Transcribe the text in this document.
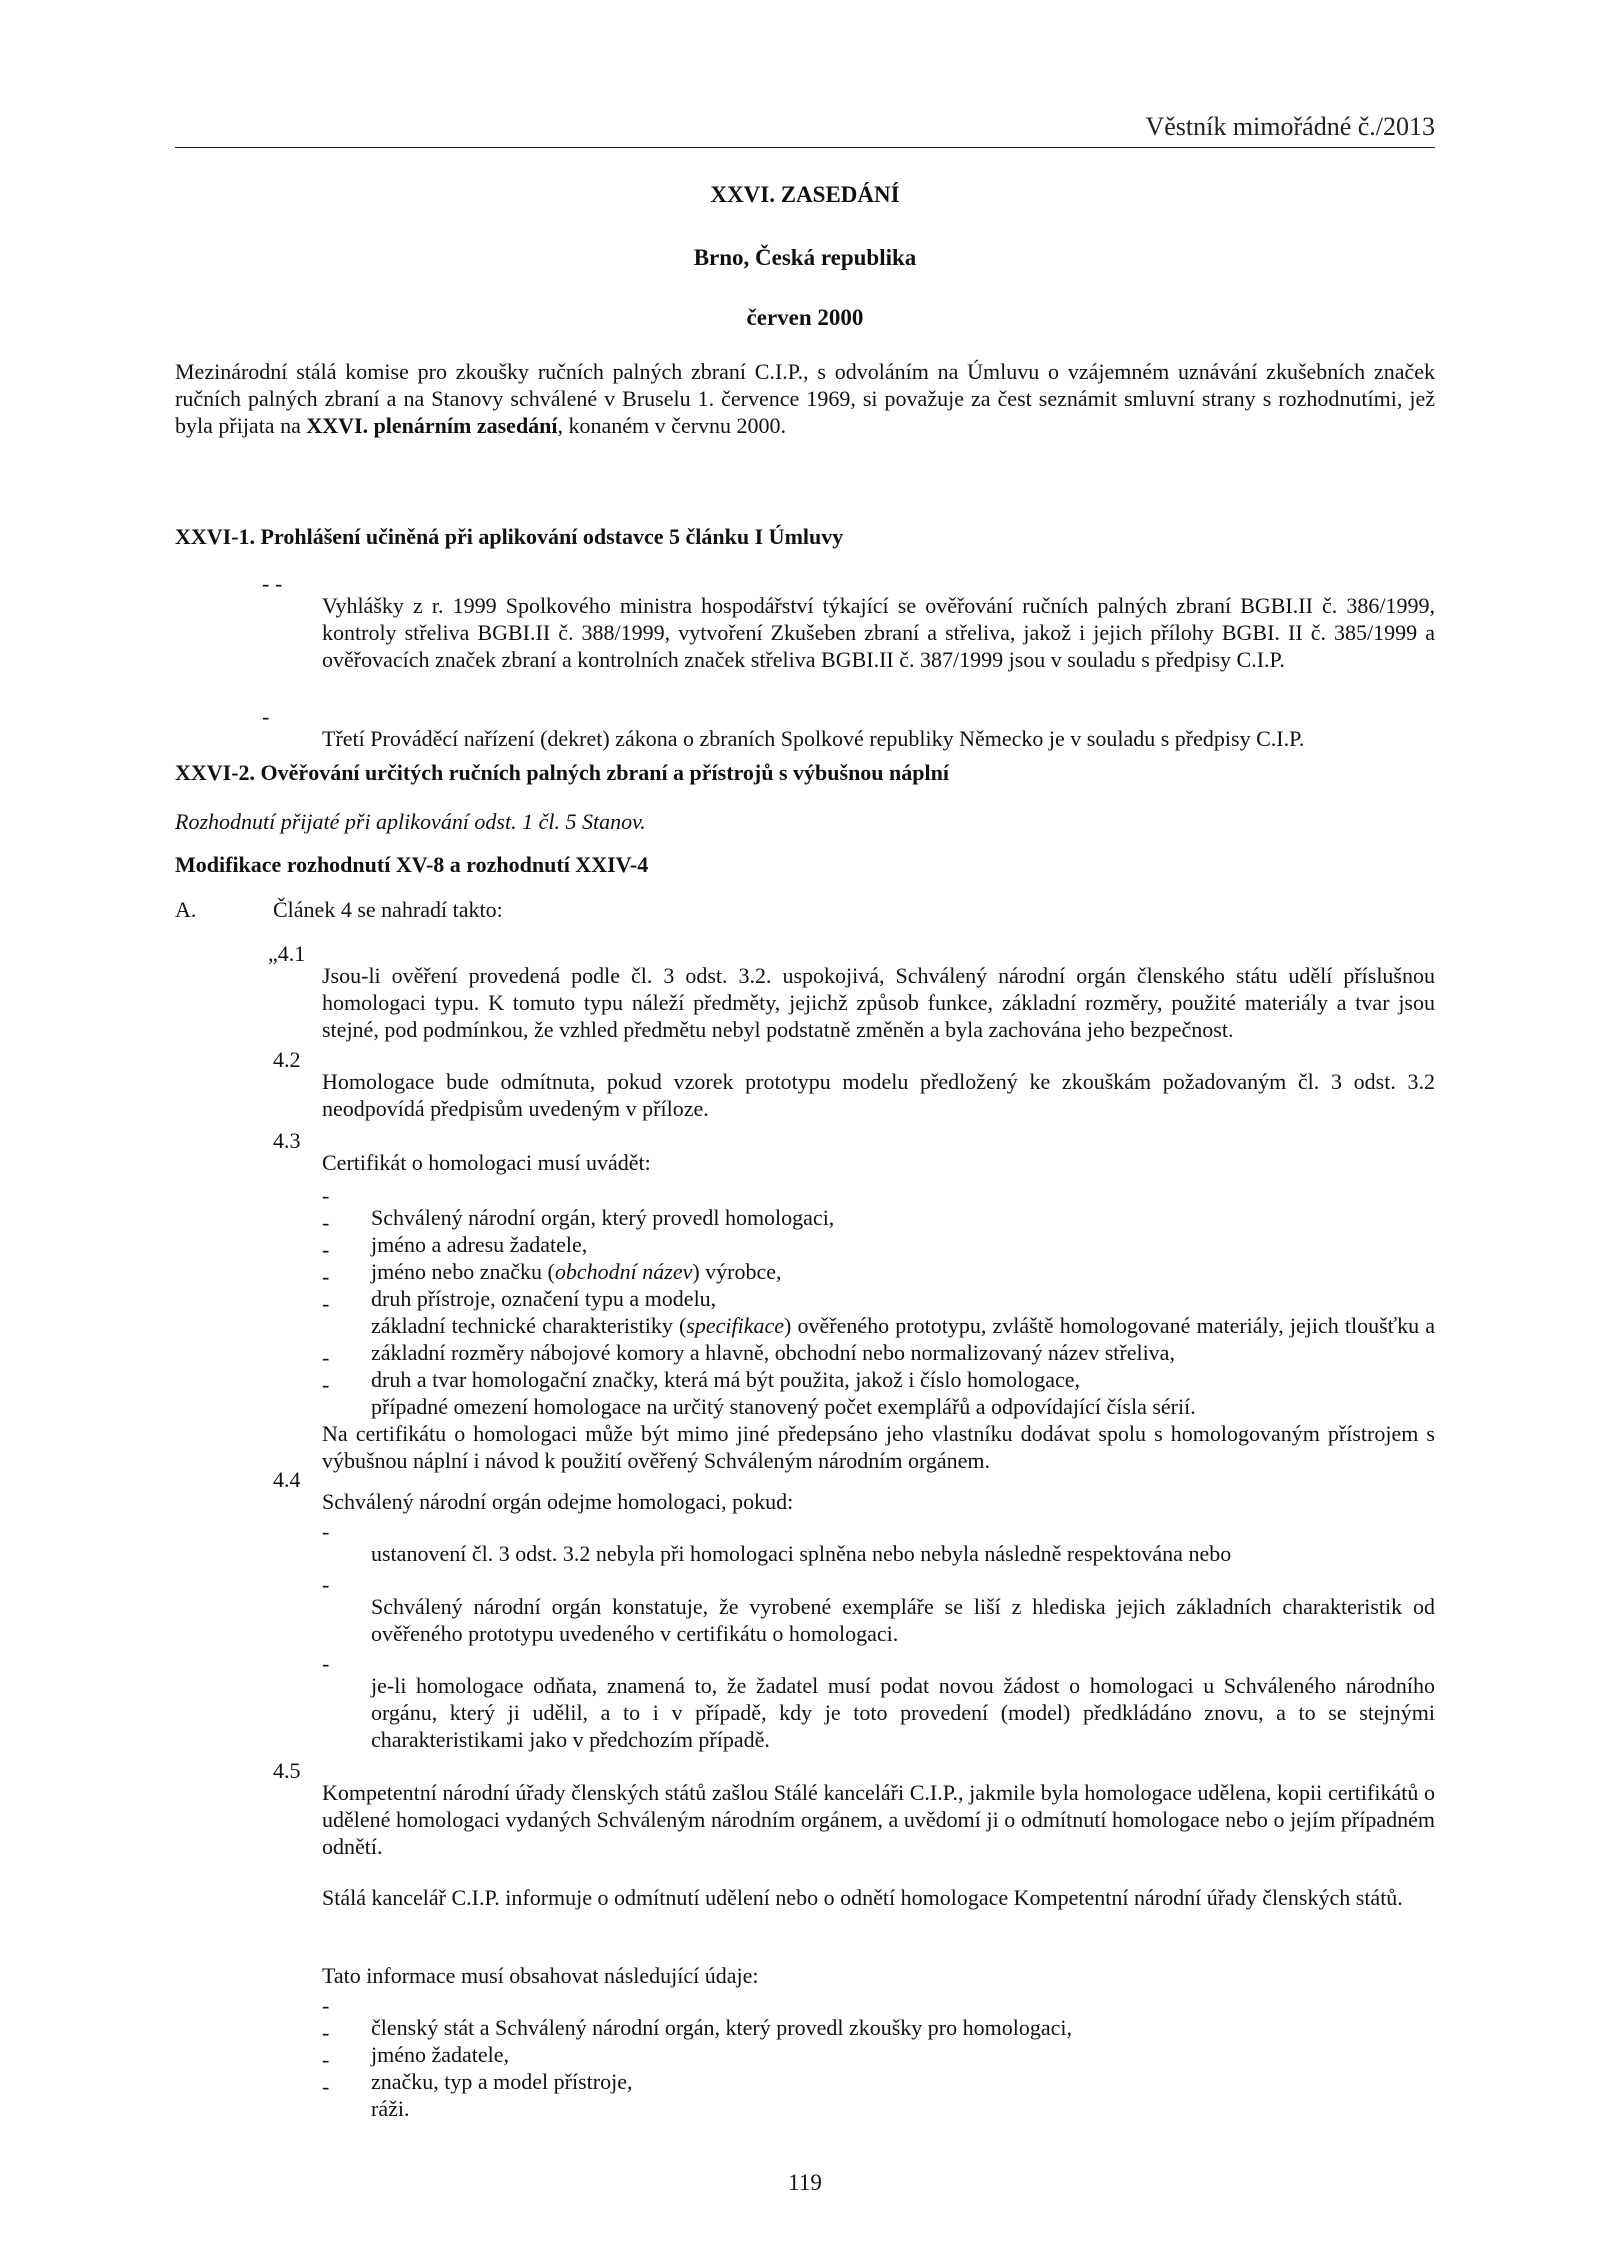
Věstník mimořádné č./2013
XXVI. ZASEDÁNÍ
Brno, Česká republika
červen 2000

Mezinárodní stálá komise pro zkoušky ručních palných zbraní C.I.P., s odvoláním na Úmluvu o vzájemném uznávání zkušebních značek ručních palných zbraní a na Stanovy schválené v Bruselu 1. července 1969, si považuje za čest seznámit smluvní strany s rozhodnutími, jež byla přijata na XXVI. plenárním zasedání, konaném v červnu 2000.

XXVI-1. Prohlášení učiněná při aplikování odstavce 5 článku I Úmluvy
-
-

Vyhlášky z r. 1999 Spolkového ministra hospodářství týkající se ověřování ručních palných zbraní BGBI.II č. 386/1999, kontroly střeliva BGBI.II č. 388/1999, vytvoření Zkušeben zbraní a střeliva, jakož i jejich přílohy BGBI. II č. 385/1999 a ověřovacích značek zbraní a kontrolních značek střeliva BGBI.II č. 387/1999 jsou v souladu s předpisy C.I.P.

-

Třetí Prováděcí nařízení (dekret) zákona o zbraních Spolkové republiky Německo je v souladu s předpisy C.I.P.

XXVI-2. Ověřování určitých ručních palných zbraní a přístrojů s výbušnou náplní
Rozhodnutí přijaté při aplikování odst. 1 čl. 5 Stanov.
Modifikace rozhodnutí XV-8 a rozhodnutí XXIV-4
A.	Článek 4 se nahradí takto:
„4.1

Jsou-li ověření provedená podle čl. 3 odst. 3.2. uspokojivá, Schválený národní orgán členského státu udělí příslušnou homologaci typu. K tomuto typu náleží předměty, jejichž způsob funkce, základní rozměry, použité materiály a tvar jsou stejné, pod podmínkou, že vzhled předmětu nebyl podstatně změněn a byla zachována jeho bezpečnost.

4.2

Homologace bude odmítnuta, pokud vzorek prototypu modelu předložený ke zkouškám požadovaným čl. 3 odst. 3.2 neodpovídá předpisům uvedeným v příloze.

4.3

Certifikát o homologaci musí uvádět:

-

Schválený národní orgán, který provedl homologaci,

-

jméno a adresu žadatele,

-

jméno nebo značku (obchodní název) výrobce,

-

druh přístroje, označení typu a modelu,

-

základní technické charakteristiky (specifikace) ověřeného prototypu, zvláště homologované materiály, jejich tloušťku a základní rozměry nábojové komory a hlavně, obchodní nebo normalizovaný název střeliva,

-

druh a tvar homologační značky, která má být použita, jakož i číslo homologace,

-

případné omezení homologace na určitý stanovený počet exemplářů a odpovídající čísla sérií.

Na certifikátu o homologaci může být mimo jiné předepsáno jeho vlastníku dodávat spolu s homologovaným přístrojem s výbušnou náplní i návod k použití ověřený Schváleným národním orgánem.

4.4

Schválený národní orgán odejme homologaci, pokud:

-

ustanovení čl. 3 odst. 3.2 nebyla při homologaci splněna nebo nebyla následně respektována nebo

-

Schválený národní orgán konstatuje, že vyrobené exempláře se liší z hlediska jejich základních charakteristik od ověřeného prototypu uvedeného v certifikátu o homologaci.

-

je-li homologace odňata, znamená to, že žadatel musí podat novou žádost o homologaci u Schváleného národního orgánu, který ji udělil, a to i v případě, kdy je toto provedení (model) předkládáno znovu, a to se stejnými charakteristikami jako v předchozím případě.

4.5

Kompetentní národní úřady členských států zašlou Stálé kanceláři C.I.P., jakmile byla homologace udělena, kopii certifikátů o udělené homologaci vydaných Schváleným národním orgánem, a uvědomí ji o odmítnutí homologace nebo o jejím případném odnětí.

Stálá kancelář C.I.P. informuje o odmítnutí udělení nebo o odnětí homologace Kompetentní národní úřady členských států.

Tato informace musí obsahovat následující údaje:

-

členský stát a Schválený národní orgán, který provedl zkoušky pro homologaci,

-

jméno žadatele,

-

značku, typ a model přístroje,

-

ráži.

119
